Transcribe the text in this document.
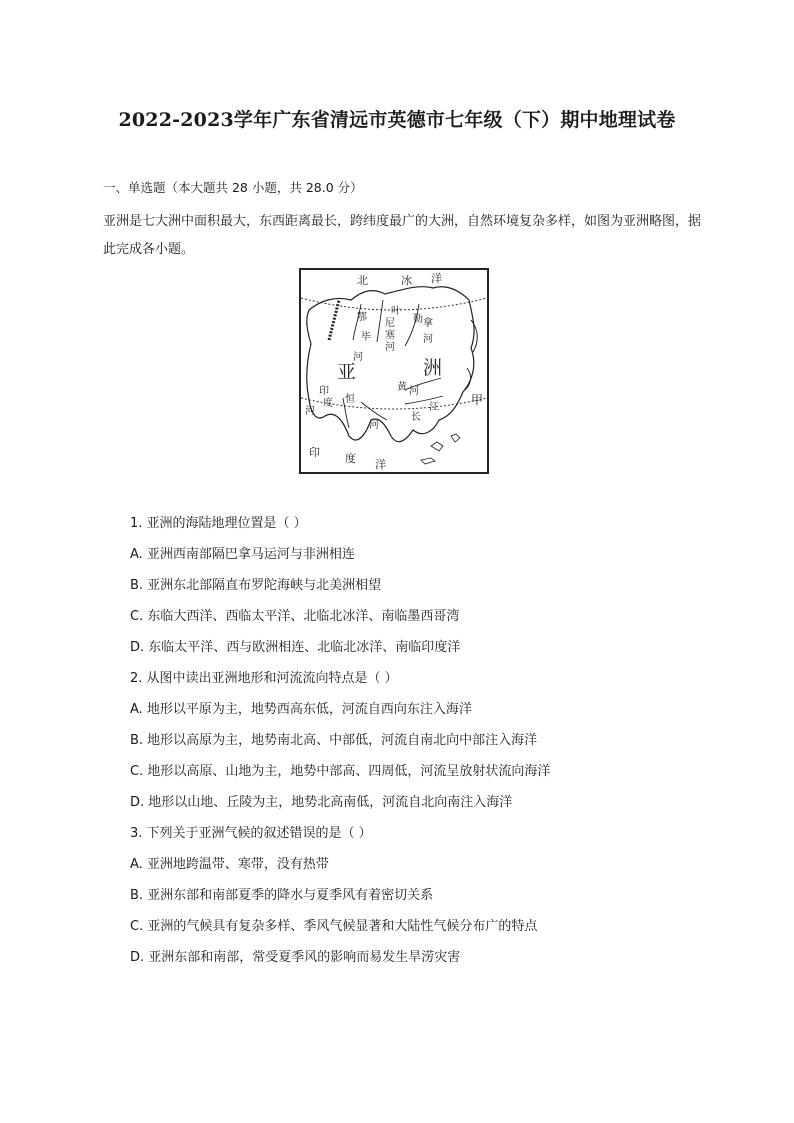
2022-2023学年广东省清远市英德市七年级（下）期中地理试卷
一、单选题（本大题共 28 小题，共 28.0 分）
亚洲是七大洲中面积最大，东西距离最长，跨纬度最广的大洲，自然环境复杂多样，如图为亚洲略图，据此完成各小题。
北	冰 洋
叶
尼
塞
河
鄂
毕
河
勒 拿
河
亚	洲
黄 河
长
江
印
度
河
恒
河
甲
印 度 洋
1. 亚洲的海陆地理位置是（ ）
A. 亚洲西南部隔巴拿马运河与非洲相连
B. 亚洲东北部隔直布罗陀海峡与北美洲相望
C. 东临大西洋、西临太平洋、北临北冰洋、南临墨西哥湾
D. 东临太平洋、西与欧洲相连、北临北冰洋、南临印度洋
2. 从图中读出亚洲地形和河流流向特点是（ ）
A. 地形以平原为主，地势西高东低，河流自西向东注入海洋
B. 地形以高原为主，地势南北高、中部低，河流自南北向中部注入海洋
C. 地形以高原、山地为主，地势中部高、四周低，河流呈放射状流向海洋
D. 地形以山地、丘陵为主，地势北高南低，河流自北向南注入海洋
3. 下列关于亚洲气候的叙述错误的是（ ）
A. 亚洲地跨温带、寒带，没有热带
B. 亚洲东部和南部夏季的降水与夏季风有着密切关系
C. 亚洲的气候具有复杂多样、季风气候显著和大陆性气候分布广的特点
D. 亚洲东部和南部，常受夏季风的影响而易发生旱涝灾害
